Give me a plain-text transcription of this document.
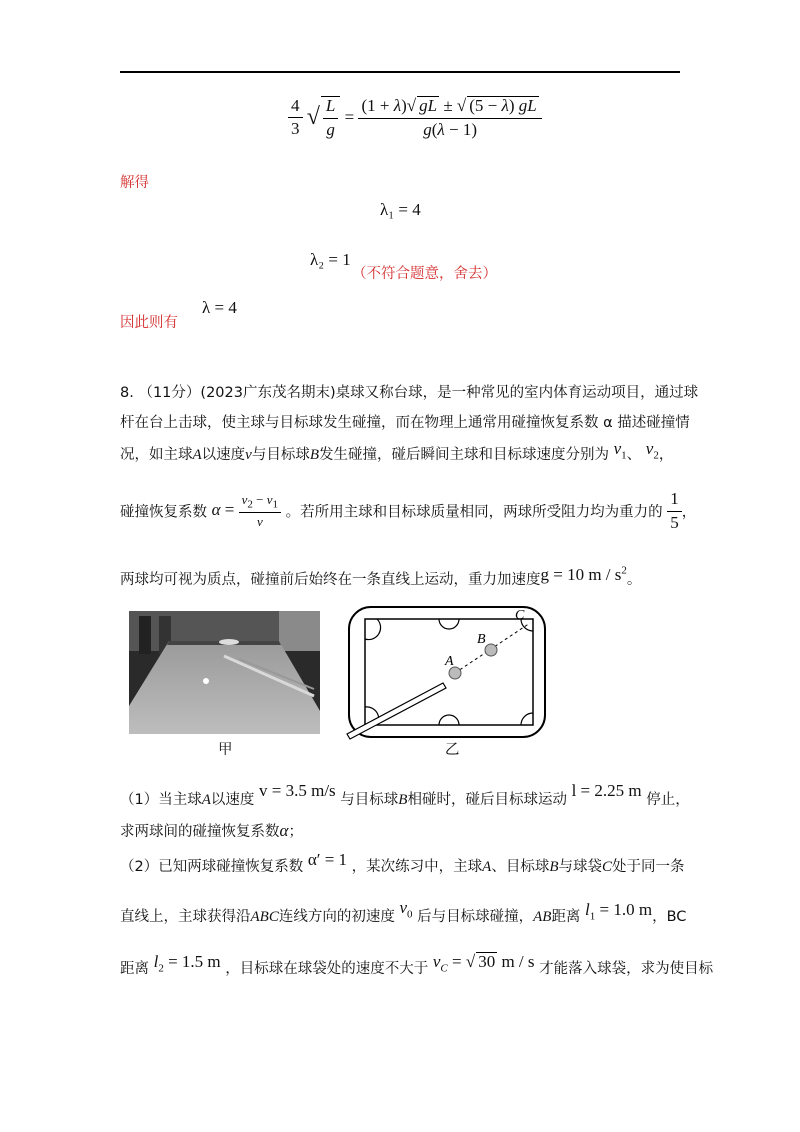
$\frac{4}{3}$ √ $\frac{L}{g} = \frac{(1 + \lambda)√ gL \pm √ (5 - \lambda) gL}{g(\lambda - 1)}$
解得
λ₁ = 4
λ₂ = 1
（不符合题意，舍去）
因此则有
λ = 4
8. （11分）(2023广东茂名期末)桌球又称台球，是一种常见的室内体育运动项目，通过球
杆在台上击球，使主球与目标球发生碰撞，而在物理上通常用碰撞恢复系数 α 描述碰撞情
况，如主球A以速度v与目标球B发生碰撞，碰后瞬间主球和目标球速度分别为 $v_1$、 $v_2$，
碰撞恢复系数 $\alpha = \frac{v_2 - v_1}{v}$ 。若所用主球和目标球质量相同，两球所受阻力均为重力的 $\frac{1}{5}$ ，
两球均可视为质点，碰撞前后始终在一条直线上运动，重力加速度g = 10 m / $s^2$。
甲
A
B
C
乙
（1）当主球A以速度 v = 3.5 m/s 与目标球B相碰时，碰后目标球运动 l = 2.25 m 停止，
求两球间的碰撞恢复系数α；
（2）已知两球碰撞恢复系数 α′ = 1 ，某次练习中，主球A、目标球B与球袋C处于同一条
直线上，主球获得沿ABC连线方向的初速度 $v_0$ 后与目标球碰撞，AB距离 $l_1 = 1.0$ m，BC
距离 $l_2 = 1.5$ m ，目标球在球袋处的速度不大于 $v_C$ = √ 30 m / s 才能落入球袋，求为使目标
